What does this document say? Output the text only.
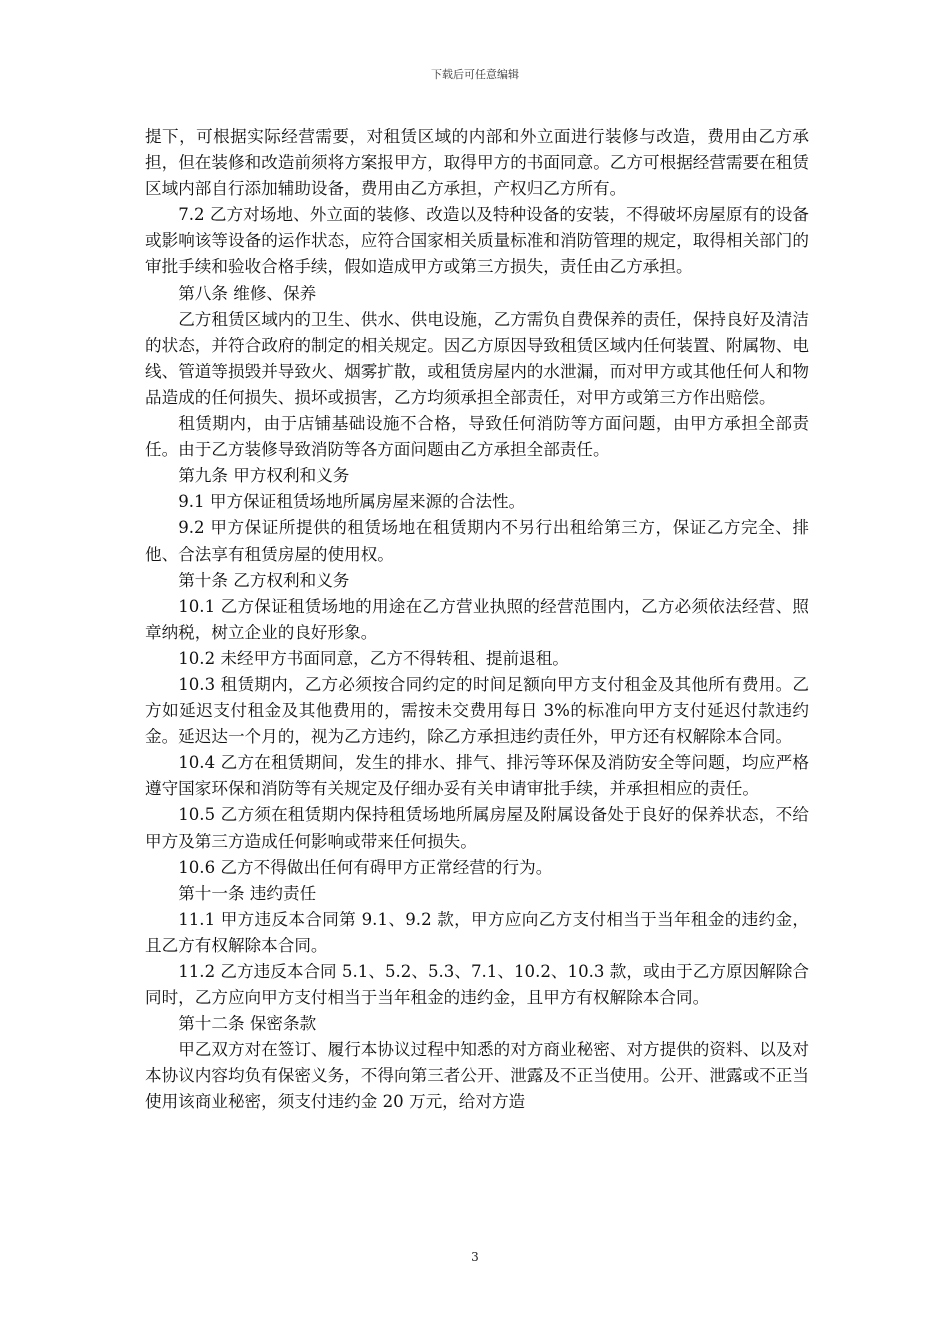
下载后可任意编辑

提下，可根据实际经营需要，对租赁区域的内部和外立面进行装修与改造，费用由乙方承担，但在装修和改造前须将方案报甲方，取得甲方的书面同意。乙方可根据经营需要在租赁区域内部自行添加辅助设备，费用由乙方承担，产权归乙方所有。

7.2 乙方对场地、外立面的装修、改造以及特种设备的安装，不得破坏房屋原有的设备或影响该等设备的运作状态，应符合国家相关质量标准和消防管理的规定，取得相关部门的审批手续和验收合格手续，假如造成甲方或第三方损失，责任由乙方承担。

第八条 维修、保养

乙方租赁区域内的卫生、供水、供电设施，乙方需负自费保养的责任，保持良好及清洁的状态，并符合政府的制定的相关规定。因乙方原因导致租赁区域内任何装置、附属物、电线、管道等损毁并导致火、烟雾扩散，或租赁房屋内的水泄漏，而对甲方或其他任何人和物品造成的任何损失、损坏或损害，乙方均须承担全部责任，对甲方或第三方作出赔偿。

租赁期内，由于店铺基础设施不合格，导致任何消防等方面问题，由甲方承担全部责任。由于乙方装修导致消防等各方面问题由乙方承担全部责任。

第九条 甲方权利和义务

9.1 甲方保证租赁场地所属房屋来源的合法性。

9.2 甲方保证所提供的租赁场地在租赁期内不另行出租给第三方，保证乙方完全、排他、合法享有租赁房屋的使用权。

第十条 乙方权利和义务

10.1 乙方保证租赁场地的用途在乙方营业执照的经营范围内，乙方必须依法经营、照章纳税，树立企业的良好形象。

10.2 未经甲方书面同意，乙方不得转租、提前退租。

10.3 租赁期内，乙方必须按合同约定的时间足额向甲方支付租金及其他所有费用。乙方如延迟支付租金及其他费用的，需按未交费用每日 3%的标准向甲方支付延迟付款违约金。延迟达一个月的，视为乙方违约，除乙方承担违约责任外，甲方还有权解除本合同。

10.4 乙方在租赁期间，发生的排水、排气、排污等环保及消防安全等问题，均应严格遵守国家环保和消防等有关规定及仔细办妥有关申请审批手续，并承担相应的责任。

10.5 乙方须在租赁期内保持租赁场地所属房屋及附属设备处于良好的保养状态，不给甲方及第三方造成任何影响或带来任何损失。

10.6 乙方不得做出任何有碍甲方正常经营的行为。

第十一条 违约责任

11.1 甲方违反本合同第 9.1、9.2 款，甲方应向乙方支付相当于当年租金的违约金，且乙方有权解除本合同。

11.2 乙方违反本合同 5.1、5.2、5.3、7.1、10.2、10.3 款，或由于乙方原因解除合同时，乙方应向甲方支付相当于当年租金的违约金，且甲方有权解除本合同。

第十二条 保密条款

甲乙双方对在签订、履行本协议过程中知悉的对方商业秘密、对方提供的资料、以及对本协议内容均负有保密义务，不得向第三者公开、泄露及不正当使用。公开、泄露或不正当使用该商业秘密，须支付违约金 20 万元，给对方造

3
